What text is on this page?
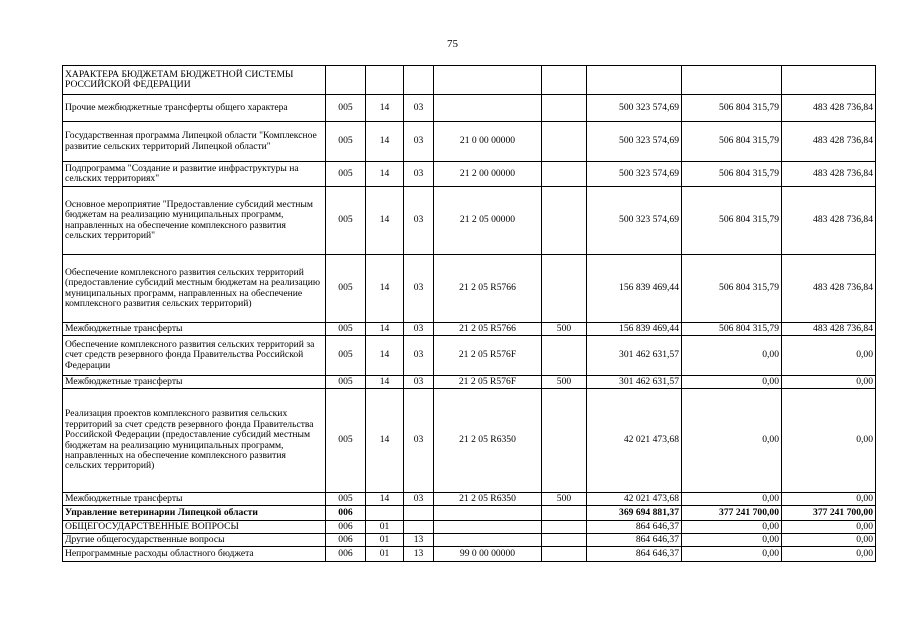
75
ХАРАКТЕРА БЮДЖЕТАМ БЮДЖЕТНОЙ СИСТЕМЫ РОССИЙСКОЙ ФЕДЕРАЦИИ								
Прочие межбюджетные трансферты общего характера	005	14	03			500 323 574,69	506 804 315,79	483 428 736,84
Государственная программа Липецкой области "Комплексное развитие сельских территорий Липецкой области"	005	14	03	21 0 00 00000		500 323 574,69	506 804 315,79	483 428 736,84
Подпрограмма "Создание и развитие инфраструктуры на сельских территориях"	005	14	03	21 2 00 00000		500 323 574,69	506 804 315,79	483 428 736,84
Основное мероприятие "Предоставление субсидий местным бюджетам на реализацию муниципальных программ, направленных на обеспечение комплексного развития сельских территорий"	005	14	03	21 2 05 00000		500 323 574,69	506 804 315,79	483 428 736,84
Обеспечение комплексного развития сельских территорий (предоставление субсидий местным бюджетам на реализацию муниципальных программ, направленных на обеспечение комплексного развития сельских территорий)	005	14	03	21 2 05 R5766		156 839 469,44	506 804 315,79	483 428 736,84
Межбюджетные трансферты	005	14	03	21 2 05 R5766	500	156 839 469,44	506 804 315,79	483 428 736,84
Обеспечение комплексного развития сельских территорий за счет средств резервного фонда Правительства Российской Федерации	005	14	03	21 2 05 R576F		301 462 631,57	0,00	0,00
Межбюджетные трансферты	005	14	03	21 2 05 R576F	500	301 462 631,57	0,00	0,00
Реализация проектов комплексного развития сельских территорий за счет средств резервного фонда Правительства Российской Федерации (предоставление субсидий местным бюджетам на реализацию муниципальных программ, направленных на обеспечение комплексного развития сельских территорий)	005	14	03	21 2 05 R6350		42 021 473,68	0,00	0,00
Межбюджетные трансферты	005	14	03	21 2 05 R6350	500	42 021 473,68	0,00	0,00
Управление ветеринарии Липецкой области	006					369 694 881,37	377 241 700,00	377 241 700,00
ОБЩЕГОСУДАРСТВЕННЫЕ ВОПРОСЫ	006	01				864 646,37	0,00	0,00
Другие общегосударственные вопросы	006	01	13			864 646,37	0,00	0,00
Непрограммные расходы областного бюджета	006	01	13	99 0 00 00000		864 646,37	0,00	0,00
